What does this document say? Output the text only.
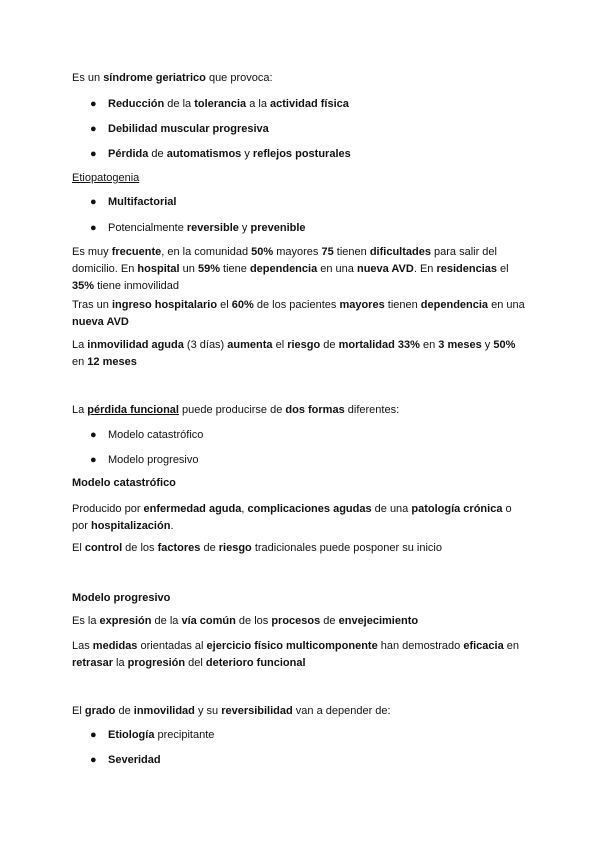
Es un síndrome geriatrico que provoca:
●	Reducción de la tolerancia a la actividad física
●	Debilidad muscular progresiva
●	Pérdida de automatismos y reflejos posturales
Etiopatogenia
●	Multifactorial
●	Potencialmente reversible y prevenible
Es muy frecuente, en la comunidad 50% mayores 75 tienen dificultades para salir del domicilio. En hospital un 59% tiene dependencia en una nueva AVD. En residencias el 35% tiene inmovilidad
Tras un ingreso hospitalario el 60% de los pacientes mayores tienen dependencia en una nueva AVD
La inmovilidad aguda (3 días) aumenta el riesgo de mortalidad 33% en 3 meses y 50% en 12 meses
La pérdida funcional puede producirse de dos formas diferentes:
●	Modelo catastrófico
●	Modelo progresivo
Modelo catastrófico
Producido por enfermedad aguda, complicaciones agudas de una patología crónica o por hospitalización.
El control de los factores de riesgo tradicionales puede posponer su inicio
Modelo progresivo
Es la expresión de la vía común de los procesos de envejecimiento
Las medidas orientadas al ejercicio físico multicomponente han demostrado eficacia en retrasar la progresión del deterioro funcional
El grado de inmovilidad y su reversibilidad van a depender de:
●	Etiología precipitante
●	Severidad
